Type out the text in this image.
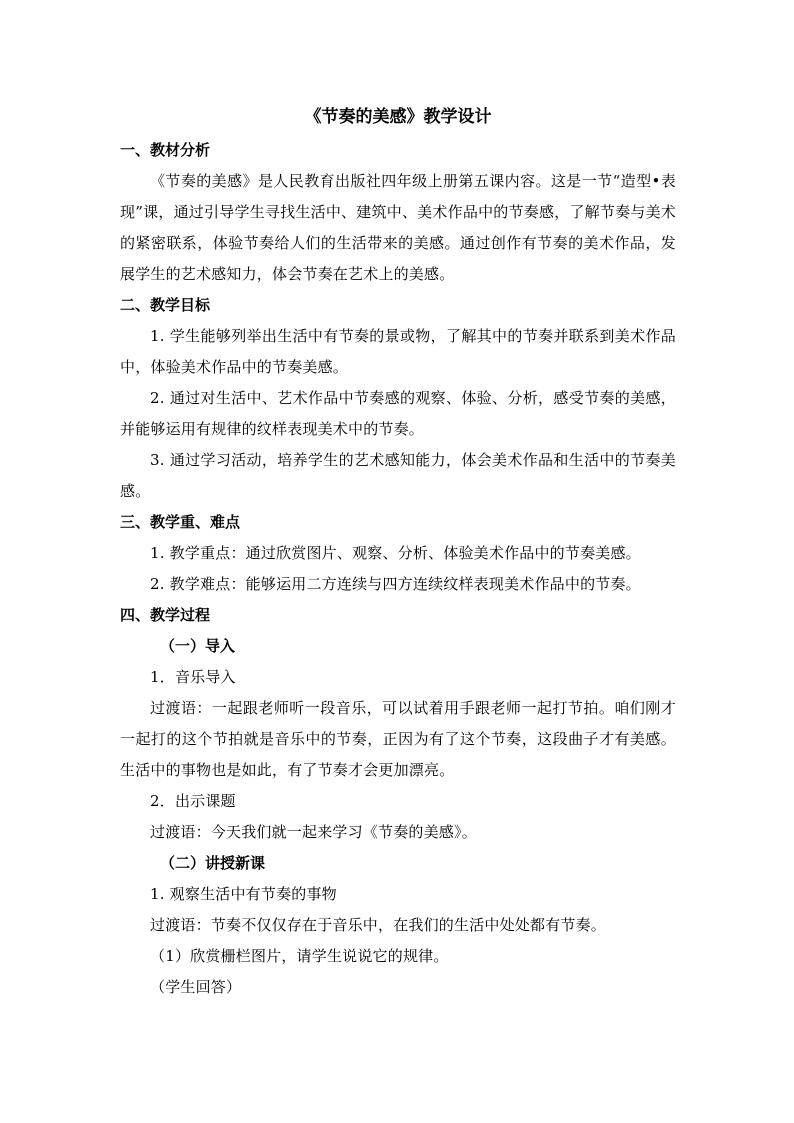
《节奏的美感》教学设计

一、教材分析

《节奏的美感》是人民教育出版社四年级上册第五课内容。这是一节“造型•表现”课，通过引导学生寻找生活中、建筑中、美术作品中的节奏感，了解节奏与美术的紧密联系，体验节奏给人们的生活带来的美感。通过创作有节奏的美术作品，发展学生的艺术感知力，体会节奏在艺术上的美感。

二、教学目标

1. 学生能够列举出生活中有节奏的景或物，了解其中的节奏并联系到美术作品中，体验美术作品中的节奏美感。

2. 通过对生活中、艺术作品中节奏感的观察、体验、分析，感受节奏的美感，并能够运用有规律的纹样表现美术中的节奏。

3. 通过学习活动，培养学生的艺术感知能力，体会美术作品和生活中的节奏美感。

三、教学重、难点

1. 教学重点：通过欣赏图片、观察、分析、体验美术作品中的节奏美感。

2. 教学难点：能够运用二方连续与四方连续纹样表现美术作品中的节奏。

四、教学过程

（一）导入

1．音乐导入

过渡语：一起跟老师听一段音乐，可以试着用手跟老师一起打节拍。咱们刚才一起打的这个节拍就是音乐中的节奏，正因为有了这个节奏，这段曲子才有美感。生活中的事物也是如此，有了节奏才会更加漂亮。

2．出示课题

过渡语：今天我们就一起来学习《节奏的美感》。

（二）讲授新课

1. 观察生活中有节奏的事物

过渡语：节奏不仅仅存在于音乐中，在我们的生活中处处都有节奏。

（1）欣赏栅栏图片，请学生说说它的规律。

（学生回答）
